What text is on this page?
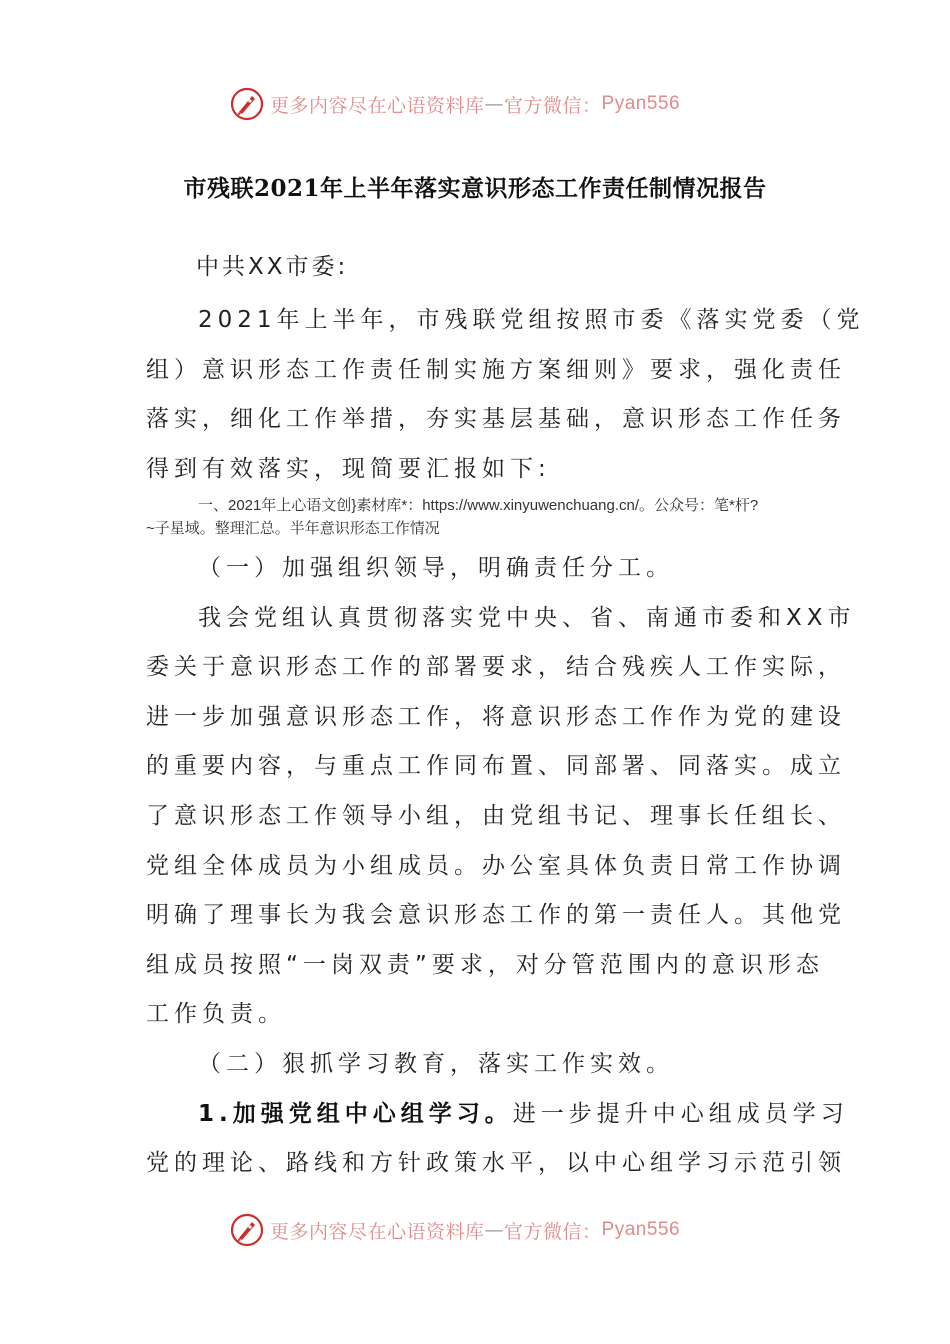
更多内容尽在心语资料库 — 官方微信： Pyan556
市残联2021年上半年落实意识形态工作责任制情况报告
中共XX市委:
2021年上半年，市残联党组按照市委《落实党委（党
组）意识形态工作责任制实施方案细则》要求，强化责任
落实，细化工作举措，夯实基层基础，意识形态工作任务
得到有效落实，现简要汇报如下:
一、2021年上心语文创}素材库*：https://www.xinyuwenchuang.cn/。公众号：笔*杆?
~子星域。整理汇总。半年意识形态工作情况
（一）加强组织领导，明确责任分工。
我会党组认真贯彻落实党中央、省、南通市委和XX市
委关于意识形态工作的部署要求，结合残疾人工作实际，
进一步加强意识形态工作，将意识形态工作作为党的建设
的重要内容，与重点工作同布置、同部署、同落实。成立
了意识形态工作领导小组，由党组书记、理事长任组长、
党组全体成员为小组成员。办公室具体负责日常工作协调
明确了理事长为我会意识形态工作的第一责任人。其他党
组成员按照“一岗双责”要求，对分管范围内的意识形态
工作负责。
（二）狠抓学习教育，落实工作实效。
1.加强党组中心组学习。进一步提升中心组成员学习
党的理论、路线和方针政策水平，以中心组学习示范引领
更多内容尽在心语资料库 — 官方微信： Pyan556
